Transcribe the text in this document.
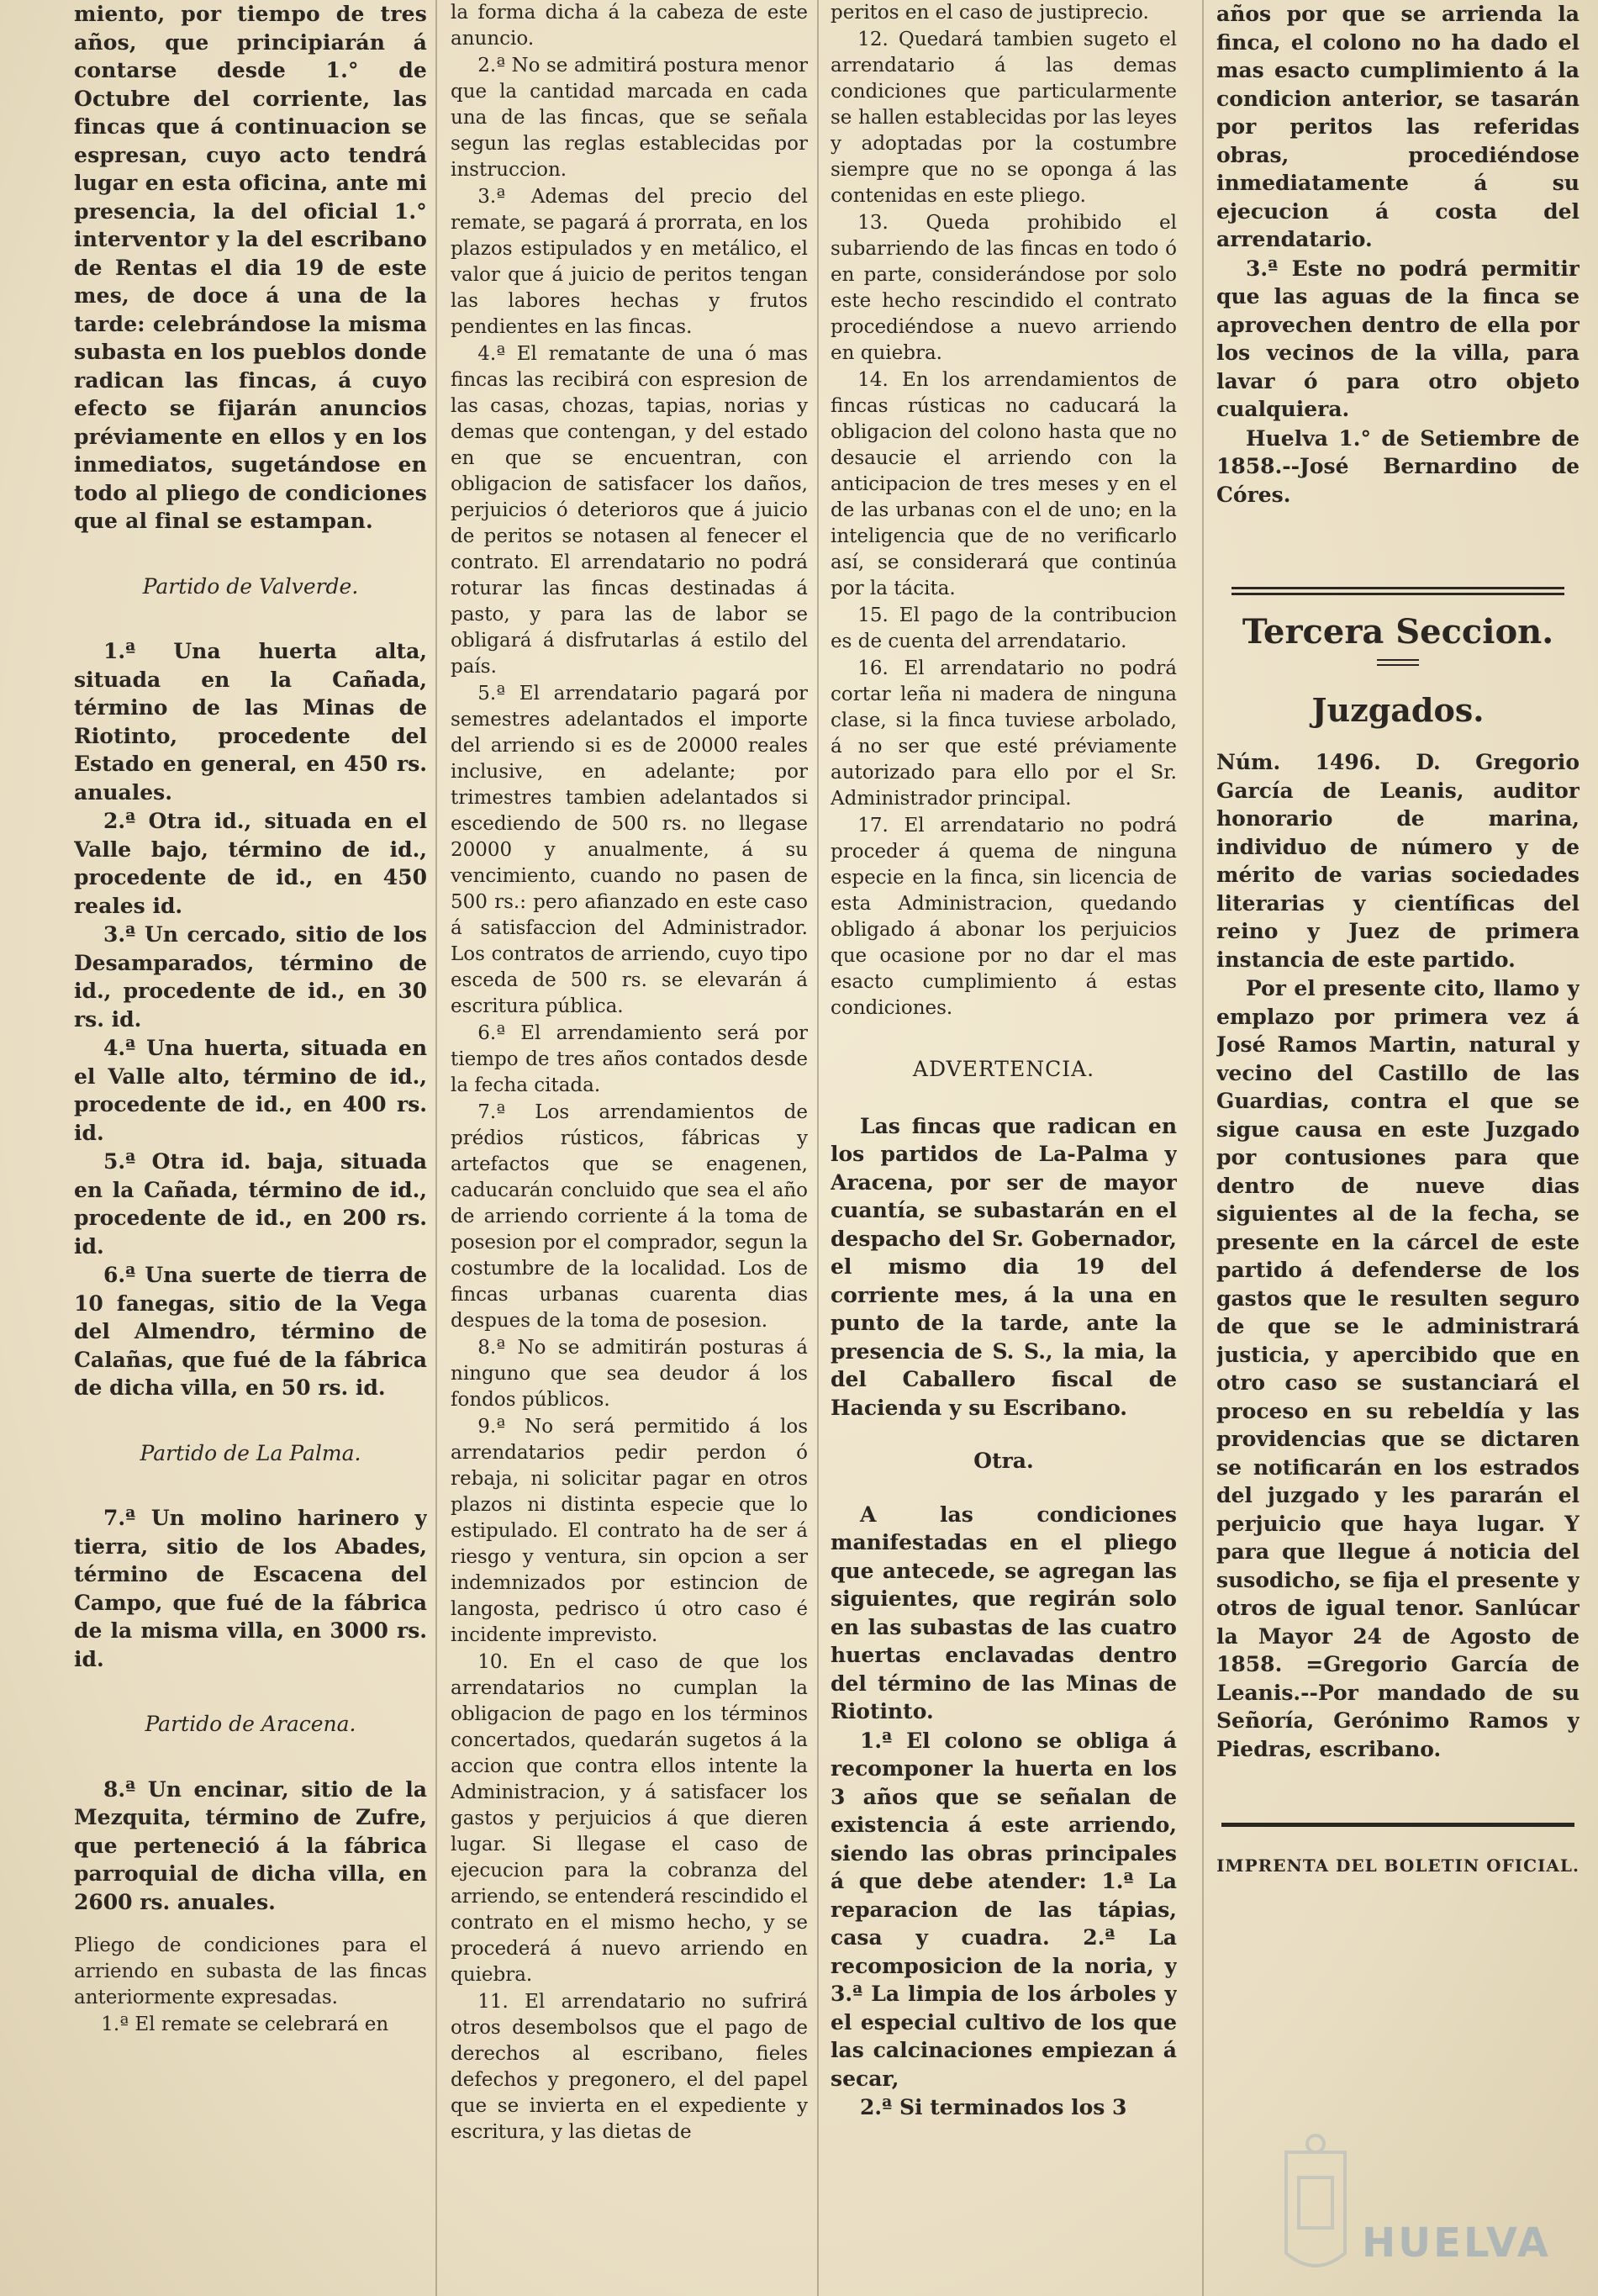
miento, por tiempo de tres años, que principiarán á contarse desde 1.° de Octubre del corriente, las fincas que á continuacion se espresan, cuyo acto tendrá lugar en esta oficina, ante mi presencia, la del oficial 1.° interventor y la del escribano de Rentas el dia 19 de este mes, de doce á una de la tarde: celebrándose la misma subasta en los pueblos donde radican las fincas, á cuyo efecto se fijarán anuncios préviamente en ellos y en los inmediatos, sugetándose en todo al pliego de condiciones que al final se estampan.

Partido de Valverde.

1.ª Una huerta alta, situada en la Cañada, término de las Minas de Riotinto, procedente del Estado en general, en 450 rs. anuales.

2.ª Otra id., situada en el Valle bajo, término de id., procedente de id., en 450 reales id.

3.ª Un cercado, sitio de los Desamparados, término de id., procedente de id., en 30 rs. id.

4.ª Una huerta, situada en el Valle alto, término de id., procedente de id., en 400 rs. id.

5.ª Otra id. baja, situada en la Cañada, término de id., procedente de id., en 200 rs. id.

6.ª Una suerte de tierra de 10 fanegas, sitio de la Vega del Almendro, término de Calañas, que fué de la fábrica de dicha villa, en 50 rs. id.

Partido de La Palma.

7.ª Un molino harinero y tierra, sitio de los Abades, término de Escacena del Campo, que fué de la fábrica de la misma villa, en 3000 rs. id.

Partido de Aracena.

8.ª Un encinar, sitio de la Mezquita, término de Zufre, que perteneció á la fábrica parroquial de dicha villa, en 2600 rs. anuales.

Pliego de condiciones para el arriendo en subasta de las fincas anteriormente expresadas.

1.ª El remate se celebrará en

la forma dicha á la cabeza de este anuncio.

2.ª No se admitirá postura menor que la cantidad marcada en cada una de las fincas, que se señala segun las reglas establecidas por instruccion.

3.ª Ademas del precio del remate, se pagará á prorrata, en los plazos estipulados y en metálico, el valor que á juicio de peritos tengan las labores hechas y frutos pendientes en las fincas.

4.ª El rematante de una ó mas fincas las recibirá con espresion de las casas, chozas, tapias, norias y demas que contengan, y del estado en que se encuentran, con obligacion de satisfacer los daños, perjuicios ó deterioros que á juicio de peritos se notasen al fenecer el contrato. El arrendatario no podrá roturar las fincas destinadas á pasto, y para las de labor se obligará á disfrutarlas á estilo del país.

5.ª El arrendatario pagará por semestres adelantados el importe del arriendo si es de 20000 reales inclusive, en adelante; por trimestres tambien adelantados si escediendo de 500 rs. no llegase 20000 y anualmente, á su vencimiento, cuando no pasen de 500 rs.: pero afianzado en este caso á satisfaccion del Administrador. Los contratos de arriendo, cuyo tipo esceda de 500 rs. se elevarán á escritura pública.

6.ª El arrendamiento será por tiempo de tres años contados desde la fecha citada.

7.ª Los arrendamientos de prédios rústicos, fábricas y artefactos que se enagenen, caducarán concluido que sea el año de arriendo corriente á la toma de posesion por el comprador, segun la costumbre de la localidad. Los de fincas urbanas cuarenta dias despues de la toma de posesion.

8.ª No se admitirán posturas á ninguno que sea deudor á los fondos públicos.

9.ª No será permitido á los arrendatarios pedir perdon ó rebaja, ni solicitar pagar en otros plazos ni distinta especie que lo estipulado. El contrato ha de ser á riesgo y ventura, sin opcion a ser indemnizados por estincion de langosta, pedrisco ú otro caso é incidente imprevisto.

10. En el caso de que los arrendatarios no cumplan la obligacion de pago en los términos concertados, quedarán sugetos á la accion que contra ellos intente la Administracion, y á satisfacer los gastos y perjuicios á que dieren lugar. Si llegase el caso de ejecucion para la cobranza del arriendo, se entenderá rescindido el contrato en el mismo hecho, y se procederá á nuevo arriendo en quiebra.

11. El arrendatario no sufrirá otros desembolsos que el pago de derechos al escribano, fieles defechos y pregonero, el del papel que se invierta en el expediente y escritura, y las dietas de

peritos en el caso de justiprecio.

12. Quedará tambien sugeto el arrendatario á las demas condiciones que particularmente se hallen establecidas por las leyes y adoptadas por la costumbre siempre que no se oponga á las contenidas en este pliego.

13. Queda prohibido el subarriendo de las fincas en todo ó en parte, considerándose por solo este hecho rescindido el contrato procediéndose a nuevo arriendo en quiebra.

14. En los arrendamientos de fincas rústicas no caducará la obligacion del colono hasta que no desaucie el arriendo con la anticipacion de tres meses y en el de las urbanas con el de uno; en la inteligencia que de no verificarlo así, se considerará que continúa por la tácita.

15. El pago de la contribucion es de cuenta del arrendatario.

16. El arrendatario no podrá cortar leña ni madera de ninguna clase, si la finca tuviese arbolado, á no ser que esté préviamente autorizado para ello por el Sr. Administrador principal.

17. El arrendatario no podrá proceder á quema de ninguna especie en la finca, sin licencia de esta Administracion, quedando obligado á abonar los perjuicios que ocasione por no dar el mas esacto cumplimiento á estas condiciones.

ADVERTENCIA.

Las fincas que radican en los partidos de La-Palma y Aracena, por ser de mayor cuantía, se subastarán en el despacho del Sr. Gobernador, el mismo dia 19 del corriente mes, á la una en punto de la tarde, ante la presencia de S. S., la mia, la del Caballero fiscal de Hacienda y su Escribano.

Otra.

A las condiciones manifestadas en el pliego que antecede, se agregan las siguientes, que regirán solo en las subastas de las cuatro huertas enclavadas dentro del término de las Minas de Riotinto.

1.ª El colono se obliga á recomponer la huerta en los 3 años que se señalan de existencia á este arriendo, siendo las obras principales á que debe atender: 1.ª La reparacion de las tápias, casa y cuadra. 2.ª La recomposicion de la noria, y 3.ª La limpia de los árboles y el especial cultivo de los que las calcinaciones empiezan á secar,

2.ª Si terminados los 3

años por que se arrienda la finca, el colono no ha dado el mas esacto cumplimiento á la condicion anterior, se tasarán por peritos las referidas obras, procediéndose inmediatamente á su ejecucion á costa del arrendatario.

3.ª Este no podrá permitir que las aguas de la finca se aprovechen dentro de ella por los vecinos de la villa, para lavar ó para otro objeto cualquiera.

Huelva 1.° de Setiembre de 1858.--José Bernardino de Córes.

Tercera Seccion.

Juzgados.

Núm. 1496. D. Gregorio García de Leanis, auditor honorario de marina, individuo de número y de mérito de varias sociedades literarias y científicas del reino y Juez de primera instancia de este partido.

Por el presente cito, llamo y emplazo por primera vez á José Ramos Martin, natural y vecino del Castillo de las Guardias, contra el que se sigue causa en este Juzgado por contusiones para que dentro de nueve dias siguientes al de la fecha, se presente en la cárcel de este partido á defenderse de los gastos que le resulten seguro de que se le administrará justicia, y apercibido que en otro caso se sustanciará el proceso en su rebeldía y las providencias que se dictaren se notificarán en los estrados del juzgado y les pararán el perjuicio que haya lugar. Y para que llegue á noticia del susodicho, se fija el presente y otros de igual tenor. Sanlúcar la Mayor 24 de Agosto de 1858. =Gregorio García de Leanis.--Por mandado de su Señoría, Gerónimo Ramos y Piedras, escribano.

IMPRENTA DEL BOLETIN OFICIAL.

HUELVA
